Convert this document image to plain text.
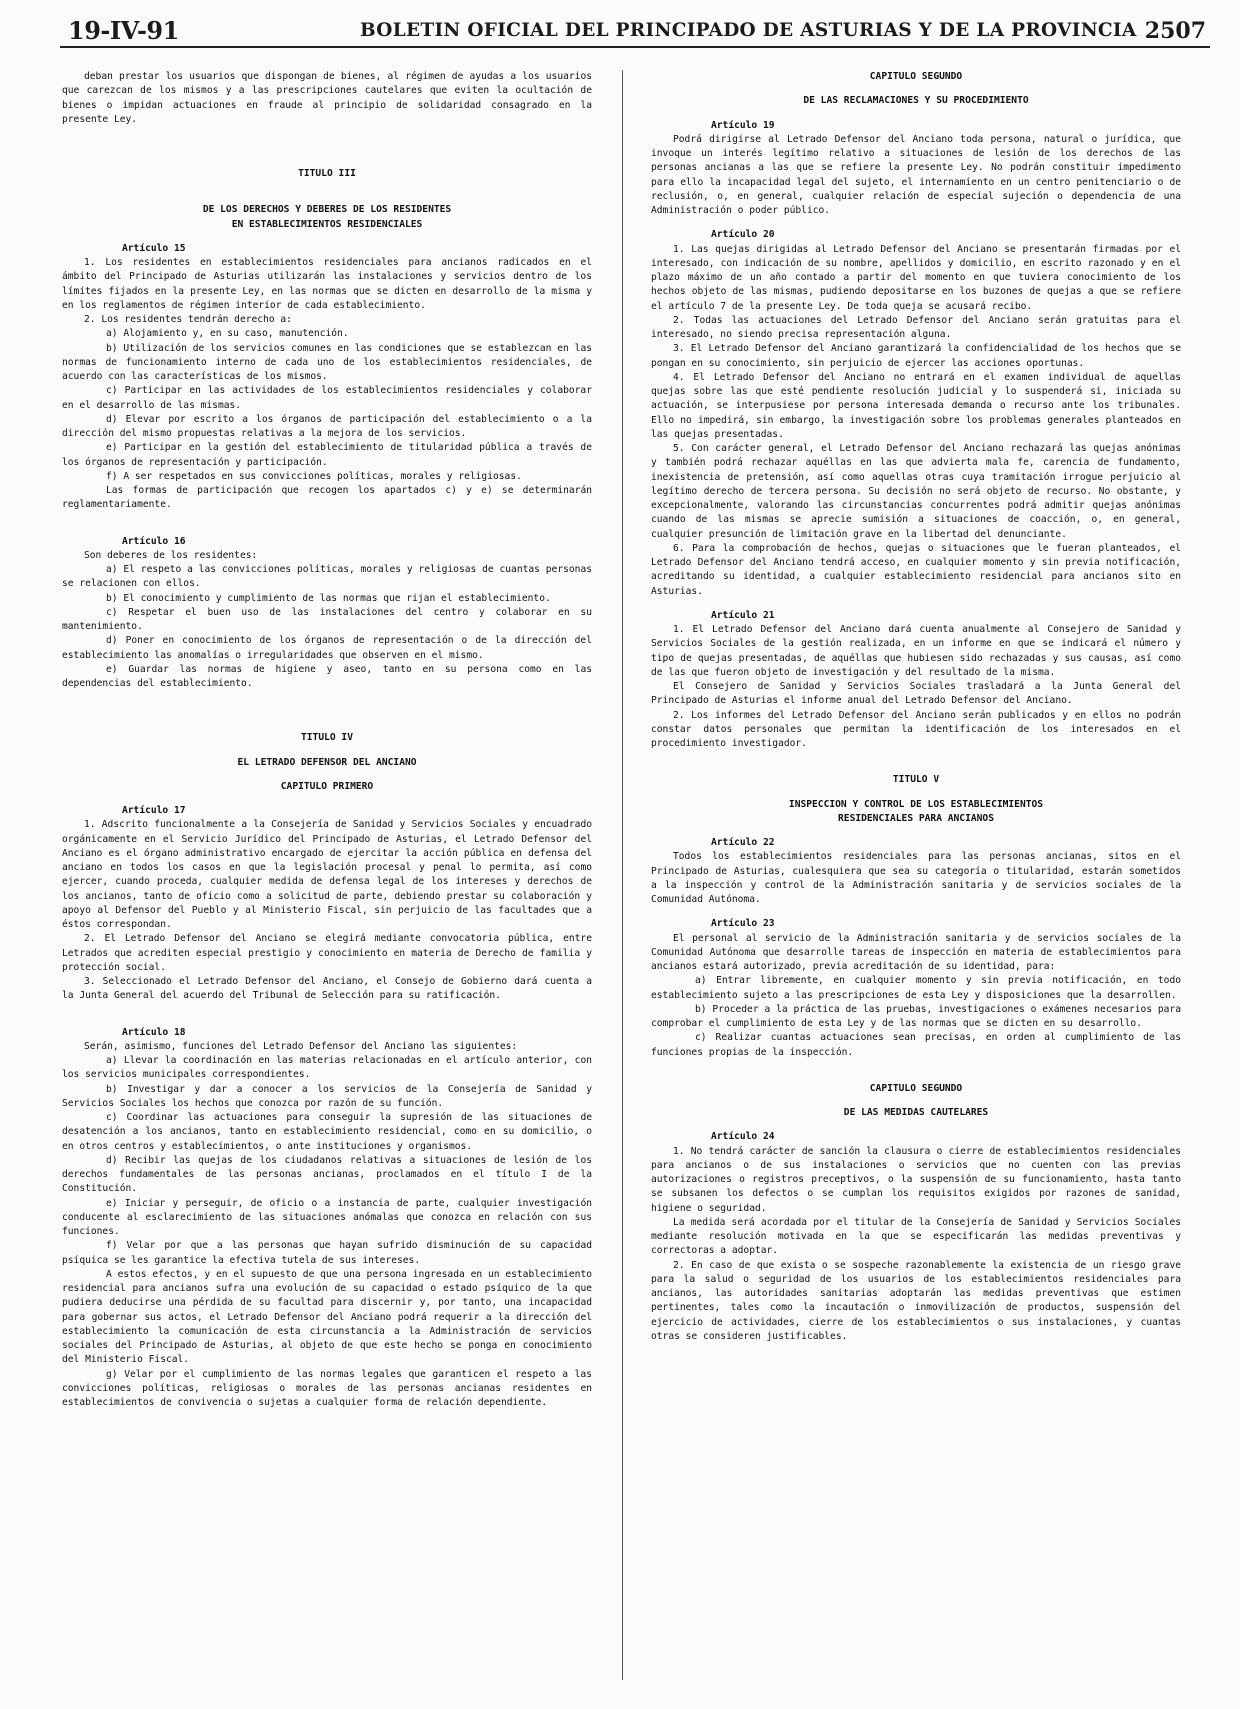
19-IV-91	BOLETIN OFICIAL DEL PRINCIPADO DE ASTURIAS Y DE LA PROVINCIA 2507

deban prestar los usuarios que dispongan de bienes, al régimen de ayudas a los usuarios que carezcan de los mismos y a las prescripciones cautelares que eviten la ocultación de bienes o impidan actuaciones en fraude al principio de solidaridad consagrado en la presente Ley.

TITULO III

DE LOS DERECHOS Y DEBERES DE LOS RESIDENTES EN ESTABLECIMIENTOS RESIDENCIALES

Artículo 15

1. Los residentes en establecimientos residenciales para ancianos radicados en el ámbito del Principado de Asturias utilizarán las instalaciones y servicios dentro de los límites fijados en la presente Ley, en las normas que se dicten en desarrollo de la misma y en los reglamentos de régimen interior de cada establecimiento.

2. Los residentes tendrán derecho a:

a) Alojamiento y, en su caso, manutención.

b) Utilización de los servicios comunes en las condiciones que se establezcan en las normas de funcionamiento interno de cada uno de los establecimientos residenciales, de acuerdo con las características de los mismos.

c) Participar en las actividades de los establecimientos residenciales y colaborar en el desarrollo de las mismas.

d) Elevar por escrito a los órganos de participación del establecimiento o a la dirección del mismo propuestas relativas a la mejora de los servicios.

e) Participar en la gestión del establecimiento de titularidad pública a través de los órganos de representación y participación.

f) A ser respetados en sus convicciones políticas, morales y religiosas.

Las formas de participación que recogen los apartados c) y e) se determinarán reglamentariamente.

Artículo 16

Son deberes de los residentes:

a) El respeto a las convicciones políticas, morales y religiosas de cuantas personas se relacionen con ellos.

b) El conocimiento y cumplimiento de las normas que rijan el establecimiento.

c) Respetar el buen uso de las instalaciones del centro y colaborar en su mantenimiento.

d) Poner en conocimiento de los órganos de representación o de la dirección del establecimiento las anomalías o irregularidades que observen en el mismo.

e) Guardar las normas de higiene y aseo, tanto en su persona como en las dependencias del establecimiento.

TITULO IV

EL LETRADO DEFENSOR DEL ANCIANO

CAPITULO PRIMERO

Artículo 17

1. Adscrito funcionalmente a la Consejería de Sanidad y Servicios Sociales y encuadrado orgánicamente en el Servicio Jurídico del Principado de Asturias, el Letrado Defensor del Anciano es el órgano administrativo encargado de ejercitar la acción pública en defensa del anciano en todos los casos en que la legislación procesal y penal lo permita, así como ejercer, cuando proceda, cualquier medida de defensa legal de los intereses y derechos de los ancianos, tanto de oficio como a solicitud de parte, debiendo prestar su colaboración y apoyo al Defensor del Pueblo y al Ministerio Fiscal, sin perjuicio de las facultades que a éstos correspondan.

2. El Letrado Defensor del Anciano se elegirá mediante convocatoria pública, entre Letrados que acrediten especial prestigio y conocimiento en materia de Derecho de familia y protección social.

3. Seleccionado el Letrado Defensor del Anciano, el Consejo de Gobierno dará cuenta a la Junta General del acuerdo del Tribunal de Selección para su ratificación.

Artículo 18

Serán, asimismo, funciones del Letrado Defensor del Anciano las siguientes:

a) Llevar la coordinación en las materias relacionadas en el artículo anterior, con los servicios municipales correspondientes.

b) Investigar y dar a conocer a los servicios de la Consejería de Sanidad y Servicios Sociales los hechos que conozca por razón de su función.

c) Coordinar las actuaciones para conseguir la supresión de las situaciones de desatención a los ancianos, tanto en establecimiento residencial, como en su domicilio, o en otros centros y establecimientos, o ante instituciones y organismos.

d) Recibir las quejas de los ciudadanos relativas a situaciones de lesión de los derechos fundamentales de las personas ancianas, proclamados en el título I de la Constitución.

e) Iniciar y perseguir, de oficio o a instancia de parte, cualquier investigación conducente al esclarecimiento de las situaciones anómalas que conozca en relación con sus funciones.

f) Velar por que a las personas que hayan sufrido disminución de su capacidad psíquica se les garantice la efectiva tutela de sus intereses.

A estos efectos, y en el supuesto de que una persona ingresada en un establecimiento residencial para ancianos sufra una evolución de su capacidad o estado psíquico de la que pudiera deducirse una pérdida de su facultad para discernir y, por tanto, una incapacidad para gobernar sus actos, el Letrado Defensor del Anciano podrá requerir a la dirección del establecimiento la comunicación de esta circunstancia a la Administración de servicios sociales del Principado de Asturias, al objeto de que este hecho se ponga en conocimiento del Ministerio Fiscal.

g) Velar por el cumplimiento de las normas legales que garanticen el respeto a las convicciones políticas, religiosas o morales de las personas ancianas residentes en establecimientos de convivencia o sujetas a cualquier forma de relación dependiente.

CAPITULO SEGUNDO

DE LAS RECLAMACIONES Y SU PROCEDIMIENTO

Artículo 19

Podrá dirigirse al Letrado Defensor del Anciano toda persona, natural o jurídica, que invoque un interés legítimo relativo a situaciones de lesión de los derechos de las personas ancianas a las que se refiere la presente Ley. No podrán constituir impedimento para ello la incapacidad legal del sujeto, el internamiento en un centro penitenciario o de reclusión, o, en general, cualquier relación de especial sujeción o dependencia de una Administración o poder público.

Artículo 20

1. Las quejas dirigidas al Letrado Defensor del Anciano se presentarán firmadas por el interesado, con indicación de su nombre, apellidos y domicilio, en escrito razonado y en el plazo máximo de un año contado a partir del momento en que tuviera conocimiento de los hechos objeto de las mismas, pudiendo depositarse en los buzones de quejas a que se refiere el artículo 7 de la presente Ley. De toda queja se acusará recibo.

2. Todas las actuaciones del Letrado Defensor del Anciano serán gratuitas para el interesado, no siendo precisa representación alguna.

3. El Letrado Defensor del Anciano garantizará la confidencialidad de los hechos que se pongan en su conocimiento, sin perjuicio de ejercer las acciones oportunas.

4. El Letrado Defensor del Anciano no entrará en el examen individual de aquellas quejas sobre las que esté pendiente resolución judicial y lo suspenderá si, iniciada su actuación, se interpusiese por persona interesada demanda o recurso ante los tribunales. Ello no impedirá, sin embargo, la investigación sobre los problemas generales planteados en las quejas presentadas.

5. Con carácter general, el Letrado Defensor del Anciano rechazará las quejas anónimas y también podrá rechazar aquéllas en las que advierta mala fe, carencia de fundamento, inexistencia de pretensión, así como aquellas otras cuya tramitación irrogue perjuicio al legítimo derecho de tercera persona. Su decisión no será objeto de recurso. No obstante, y excepcionalmente, valorando las circunstancias concurrentes podrá admitir quejas anónimas cuando de las mismas se aprecie sumisión a situaciones de coacción, o, en general, cualquier presunción de limitación grave en la libertad del denunciante.

6. Para la comprobación de hechos, quejas o situaciones que le fueran planteados, el Letrado Defensor del Anciano tendrá acceso, en cualquier momento y sin previa notificación, acreditando su identidad, a cualquier establecimiento residencial para ancianos sito en Asturias.

Artículo 21

1. El Letrado Defensor del Anciano dará cuenta anualmente al Consejero de Sanidad y Servicios Sociales de la gestión realizada, en un informe en que se indicará el número y tipo de quejas presentadas, de aquéllas que hubiesen sido rechazadas y sus causas, así como de las que fueron objeto de investigación y del resultado de la misma.

El Consejero de Sanidad y Servicios Sociales trasladará a la Junta General del Principado de Asturias el informe anual del Letrado Defensor del Anciano.

2. Los informes del Letrado Defensor del Anciano serán publicados y en ellos no podrán constar datos personales que permitan la identificación de los interesados en el procedimiento investigador.

TITULO V

INSPECCION Y CONTROL DE LOS ESTABLECIMIENTOS RESIDENCIALES PARA ANCIANOS

Artículo 22

Todos los establecimientos residenciales para las personas ancianas, sitos en el Principado de Asturias, cualesquiera que sea su categoría o titularidad, estarán sometidos a la inspección y control de la Administración sanitaria y de servicios sociales de la Comunidad Autónoma.

Artículo 23

El personal al servicio de la Administración sanitaria y de servicios sociales de la Comunidad Autónoma que desarrolle tareas de inspección en materia de establecimientos para ancianos estará autorizado, previa acreditación de su identidad, para:

a) Entrar libremente, en cualquier momento y sin previa notificación, en todo establecimiento sujeto a las prescripciones de esta Ley y disposiciones que la desarrollen.

b) Proceder a la práctica de las pruebas, investigaciones o exámenes necesarios para comprobar el cumplimiento de esta Ley y de las normas que se dicten en su desarrollo.

c) Realizar cuantas actuaciones sean precisas, en orden al cumplimiento de las funciones propias de la inspección.

CAPITULO SEGUNDO

DE LAS MEDIDAS CAUTELARES

Artículo 24

1. No tendrá carácter de sanción la clausura o cierre de establecimientos residenciales para ancianos o de sus instalaciones o servicios que no cuenten con las previas autorizaciones o registros preceptivos, o la suspensión de su funcionamiento, hasta tanto se subsanen los defectos o se cumplan los requisitos exigidos por razones de sanidad, higiene o seguridad.

La medida será acordada por el titular de la Consejería de Sanidad y Servicios Sociales mediante resolución motivada en la que se especificarán las medidas preventivas y correctoras a adoptar.

2. En caso de que exista o se sospeche razonablemente la existencia de un riesgo grave para la salud o seguridad de los usuarios de los establecimientos residenciales para ancianos, las autoridades sanitarias adoptarán las medidas preventivas que estimen pertinentes, tales como la incautación o inmovilización de productos, suspensión del ejercicio de actividades, cierre de los establecimientos o sus instalaciones, y cuantas otras se consideren justificables.
